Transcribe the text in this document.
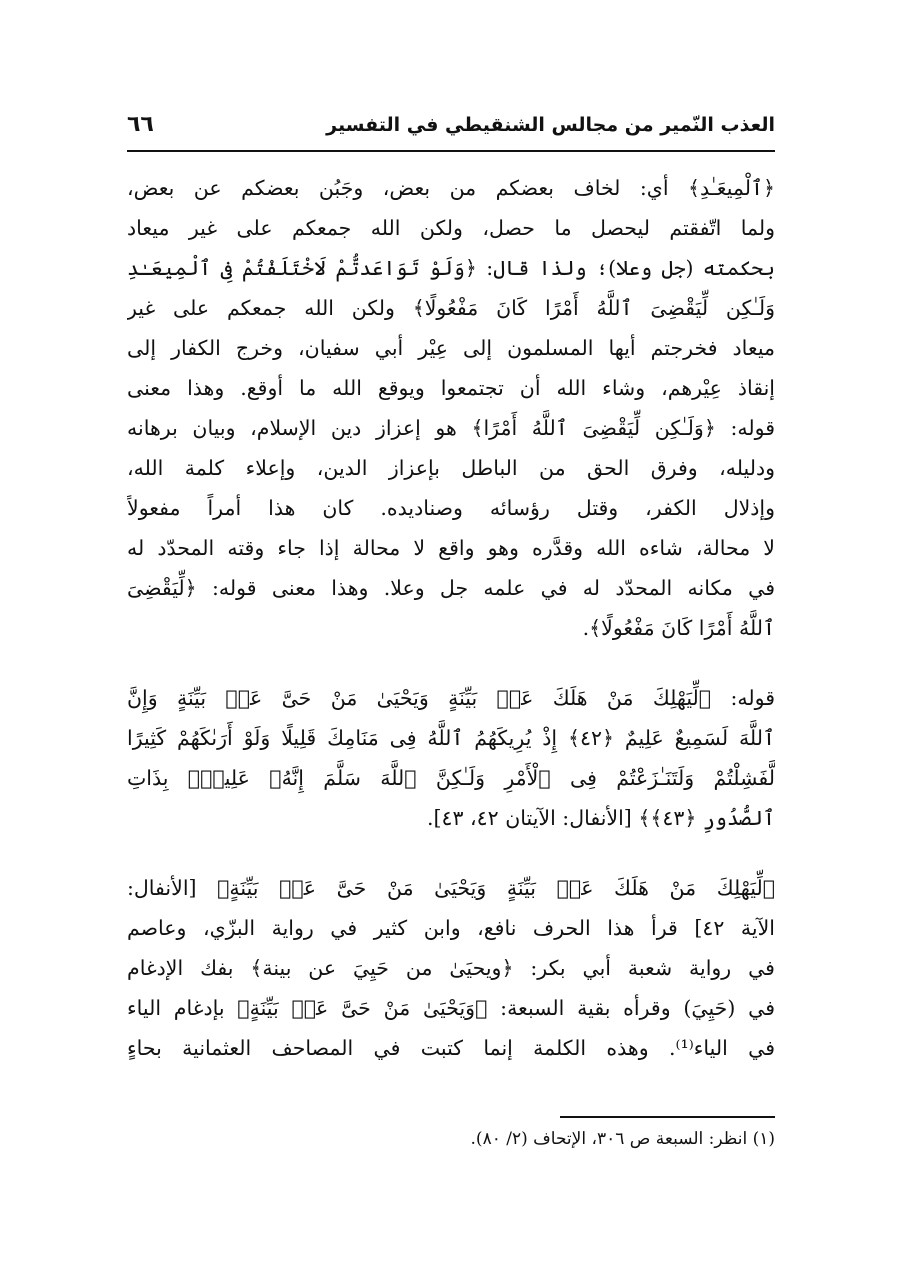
العذب النّمير من مجالس الشنقيطي في التفسير
٦٦
﴿ٱلْمِيعَـٰدِ﴾ أي: لخاف بعضكم من بعض، وجَبُن بعضكم عن بعض،
ولما اتّفقتم ليحصل ما حصل، ولكن الله جمعكم على غير ميعاد
بحكمته (جل وعلا)؛ ولذا قال: ﴿وَلَوْ تَوَاعَدتُّمْ لَاخْتَلَفْتُمْ فِى ٱلْمِيعَـٰدِ
وَلَـٰكِن لِّيَقْضِىَ ٱللَّهُ أَمْرًا كَانَ مَفْعُولًا﴾ ولكن الله جمعكم على غير
ميعاد فخرجتم أيها المسلمون إلى عِيْر أبي سفيان، وخرج الكفار إلى
إنقاذ عِيْرهم، وشاء الله أن تجتمعوا ويوقع الله ما أوقع. وهذا معنى
قوله: ﴿وَلَـٰكِن لِّيَقْضِىَ ٱللَّهُ أَمْرًا﴾ هو إعزاز دين الإسلام، وبيان برهانه
ودليله، وفرق الحق من الباطل بإعزاز الدين، وإعلاء كلمة الله،
وإذلال الكفر، وقتل رؤسائه وصناديده. كان هذا أمراً مفعولاً
لا محالة، شاءه الله وقدَّره وهو واقع لا محالة إذا جاء وقته المحدّد له
في مكانه المحدّد له في علمه جل وعلا. وهذا معنى قوله: ﴿لِّيَقْضِىَ
ٱللَّهُ أَمْرًا كَانَ مَفْعُولًا﴾.
قوله: ﴿لِّيَهْلِكَ مَنْ هَلَكَ عَنۢ بَيِّنَةٍ وَيَحْيَىٰ مَنْ حَىَّ عَنۢ بَيِّنَةٍ وَإِنَّ
ٱللَّهَ لَسَمِيعٌ عَلِيمٌ ﴿٤٢﴾ إِذْ يُرِيكَهُمُ ٱللَّهُ فِى مَنَامِكَ قَلِيلًا وَلَوْ أَرَىٰكَهُمْ كَثِيرًا
لَّفَشِلْتُمْ وَلَتَنَـٰزَعْتُمْ فِى ٱلْأَمْرِ وَلَـٰكِنَّ ٱللَّهَ سَلَّمَ إِنَّهُۥ عَلِيمٌۢ بِذَاتِ
ٱلصُّدُورِ ﴿٤٣﴾﴾ [الأنفال: الآيتان ٤٢، ٤٣].
﴿لِّيَهْلِكَ مَنْ هَلَكَ عَنۢ بَيِّنَةٍ وَيَحْيَىٰ مَنْ حَىَّ عَنۢ بَيِّنَةٍ﴾ [الأنفال:
الآية ٤٢] قرأ هذا الحرف نافع، وابن كثير في رواية البزّي، وعاصم
في رواية شعبة أبي بكر: ﴿ويحيَىٰ من حَيِيَ عن بينة﴾ بفك الإدغام
في (حَيِيَ) وقرأه بقية السبعة: ﴿وَيَحْيَىٰ مَنْ حَىَّ عَنۢ بَيِّنَةٍ﴾ بإدغام الياء
في الياء⁽¹⁾. وهذه الكلمة إنما كتبت في المصاحف العثمانية بحاءٍ
(١) انظر: السبعة ص ٣٠٦، الإتحاف (٢/ ٨٠).
